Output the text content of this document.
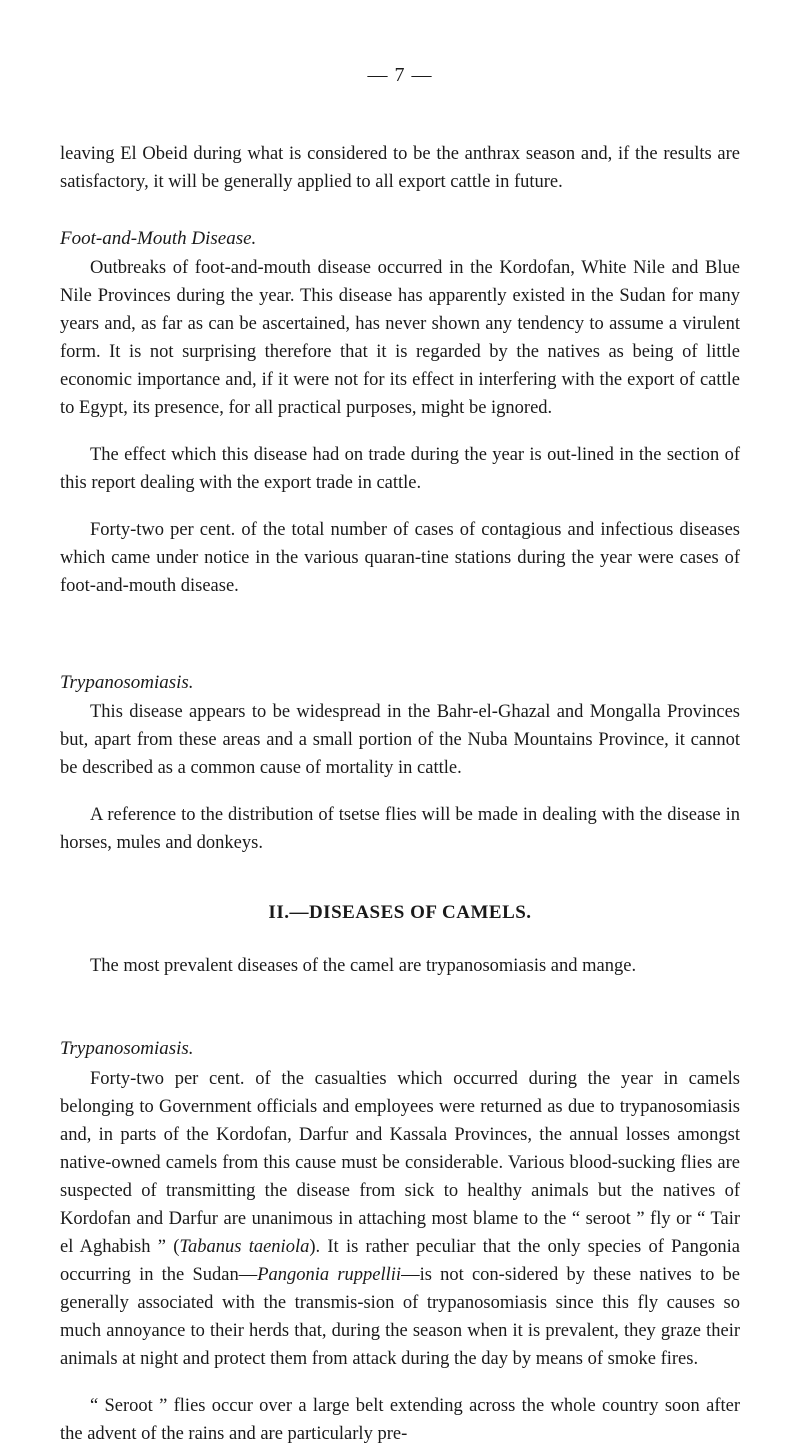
— 7 —

leaving El Obeid during what is considered to be the anthrax season and, if the results are satisfactory, it will be generally applied to all export cattle in future.

Foot-and-Mouth Disease.

Outbreaks of foot-and-mouth disease occurred in the Kordofan, White Nile and Blue Nile Provinces during the year. This disease has apparently existed in the Sudan for many years and, as far as can be ascertained, has never shown any tendency to assume a virulent form. It is not surprising therefore that it is regarded by the natives as being of little economic importance and, if it were not for its effect in interfering with the export of cattle to Egypt, its presence, for all practical purposes, might be ignored.

The effect which this disease had on trade during the year is out-lined in the section of this report dealing with the export trade in cattle.

Forty-two per cent. of the total number of cases of contagious and infectious diseases which came under notice in the various quaran-tine stations during the year were cases of foot-and-mouth disease.

Trypanosomiasis.

This disease appears to be widespread in the Bahr-el-Ghazal and Mongalla Provinces but, apart from these areas and a small portion of the Nuba Mountains Province, it cannot be described as a common cause of mortality in cattle.

A reference to the distribution of tsetse flies will be made in dealing with the disease in horses, mules and donkeys.

II.—DISEASES OF CAMELS.

The most prevalent diseases of the camel are trypanosomiasis and mange.

Trypanosomiasis.

Forty-two per cent. of the casualties which occurred during the year in camels belonging to Government officials and employees were returned as due to trypanosomiasis and, in parts of the Kordofan, Darfur and Kassala Provinces, the annual losses amongst native-owned camels from this cause must be considerable. Various blood-sucking flies are suspected of transmitting the disease from sick to healthy animals but the natives of Kordofan and Darfur are unanimous in attaching most blame to the “ seroot ” fly or “ Tair el Aghabish ” (Tabanus taeniola). It is rather peculiar that the only species of Pangonia occurring in the Sudan—Pangonia ruppellii—is not con-sidered by these natives to be generally associated with the transmis-sion of trypanosomiasis since this fly causes so much annoyance to their herds that, during the season when it is prevalent, they graze their animals at night and protect them from attack during the day by means of smoke fires.

“ Seroot ” flies occur over a large belt extending across the whole country soon after the advent of the rains and are particularly pre-
